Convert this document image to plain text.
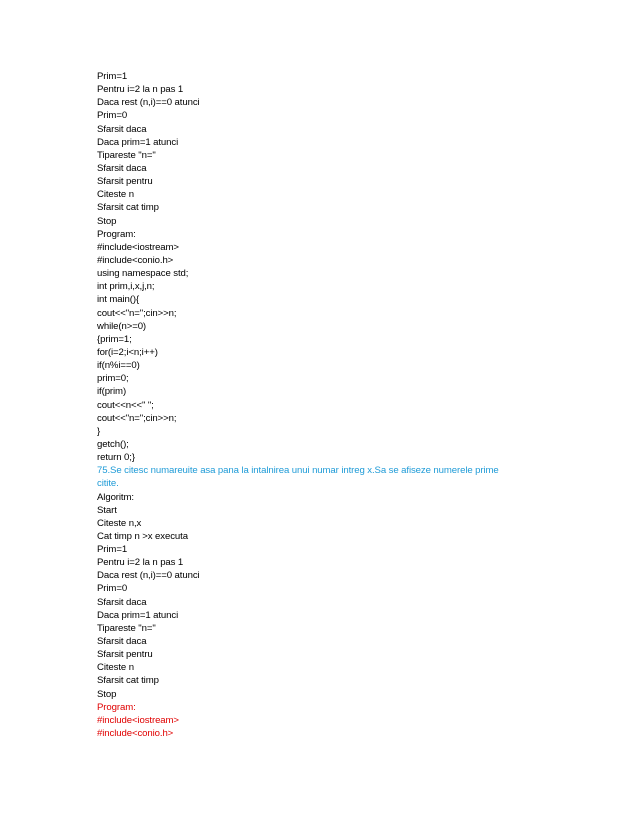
Prim=1
Pentru i=2 la n pas 1
Daca rest (n,i)==0 atunci
Prim=0
Sfarsit daca
Daca prim=1 atunci
Tipareste "n="
Sfarsit daca
Sfarsit pentru
Citeste n
Sfarsit cat timp
Stop
Program:
#include<iostream>
#include<conio.h>
using namespace std;
int prim,i,x,j,n;
int main(){
cout<<"n=";cin>>n;
while(n>=0)
{prim=1;
for(i=2;i<n;i++)
if(n%i==0)
prim=0;
if(prim)
cout<<n<<" ";
cout<<"n=";cin>>n;
}
getch();
return 0;}
75.Se citesc numareuite asa pana la intalnirea unui numar intreg x.Sa se afiseze numerele prime
citite.
Algoritm:
Start
Citeste n,x
Cat timp n >x executa
Prim=1
Pentru i=2 la n pas 1
Daca rest (n,i)==0 atunci
Prim=0
Sfarsit daca
Daca prim=1 atunci
Tipareste "n="
Sfarsit daca
Sfarsit pentru
Citeste n
Sfarsit cat timp
Stop
Program:
#include<iostream>
#include<conio.h>
